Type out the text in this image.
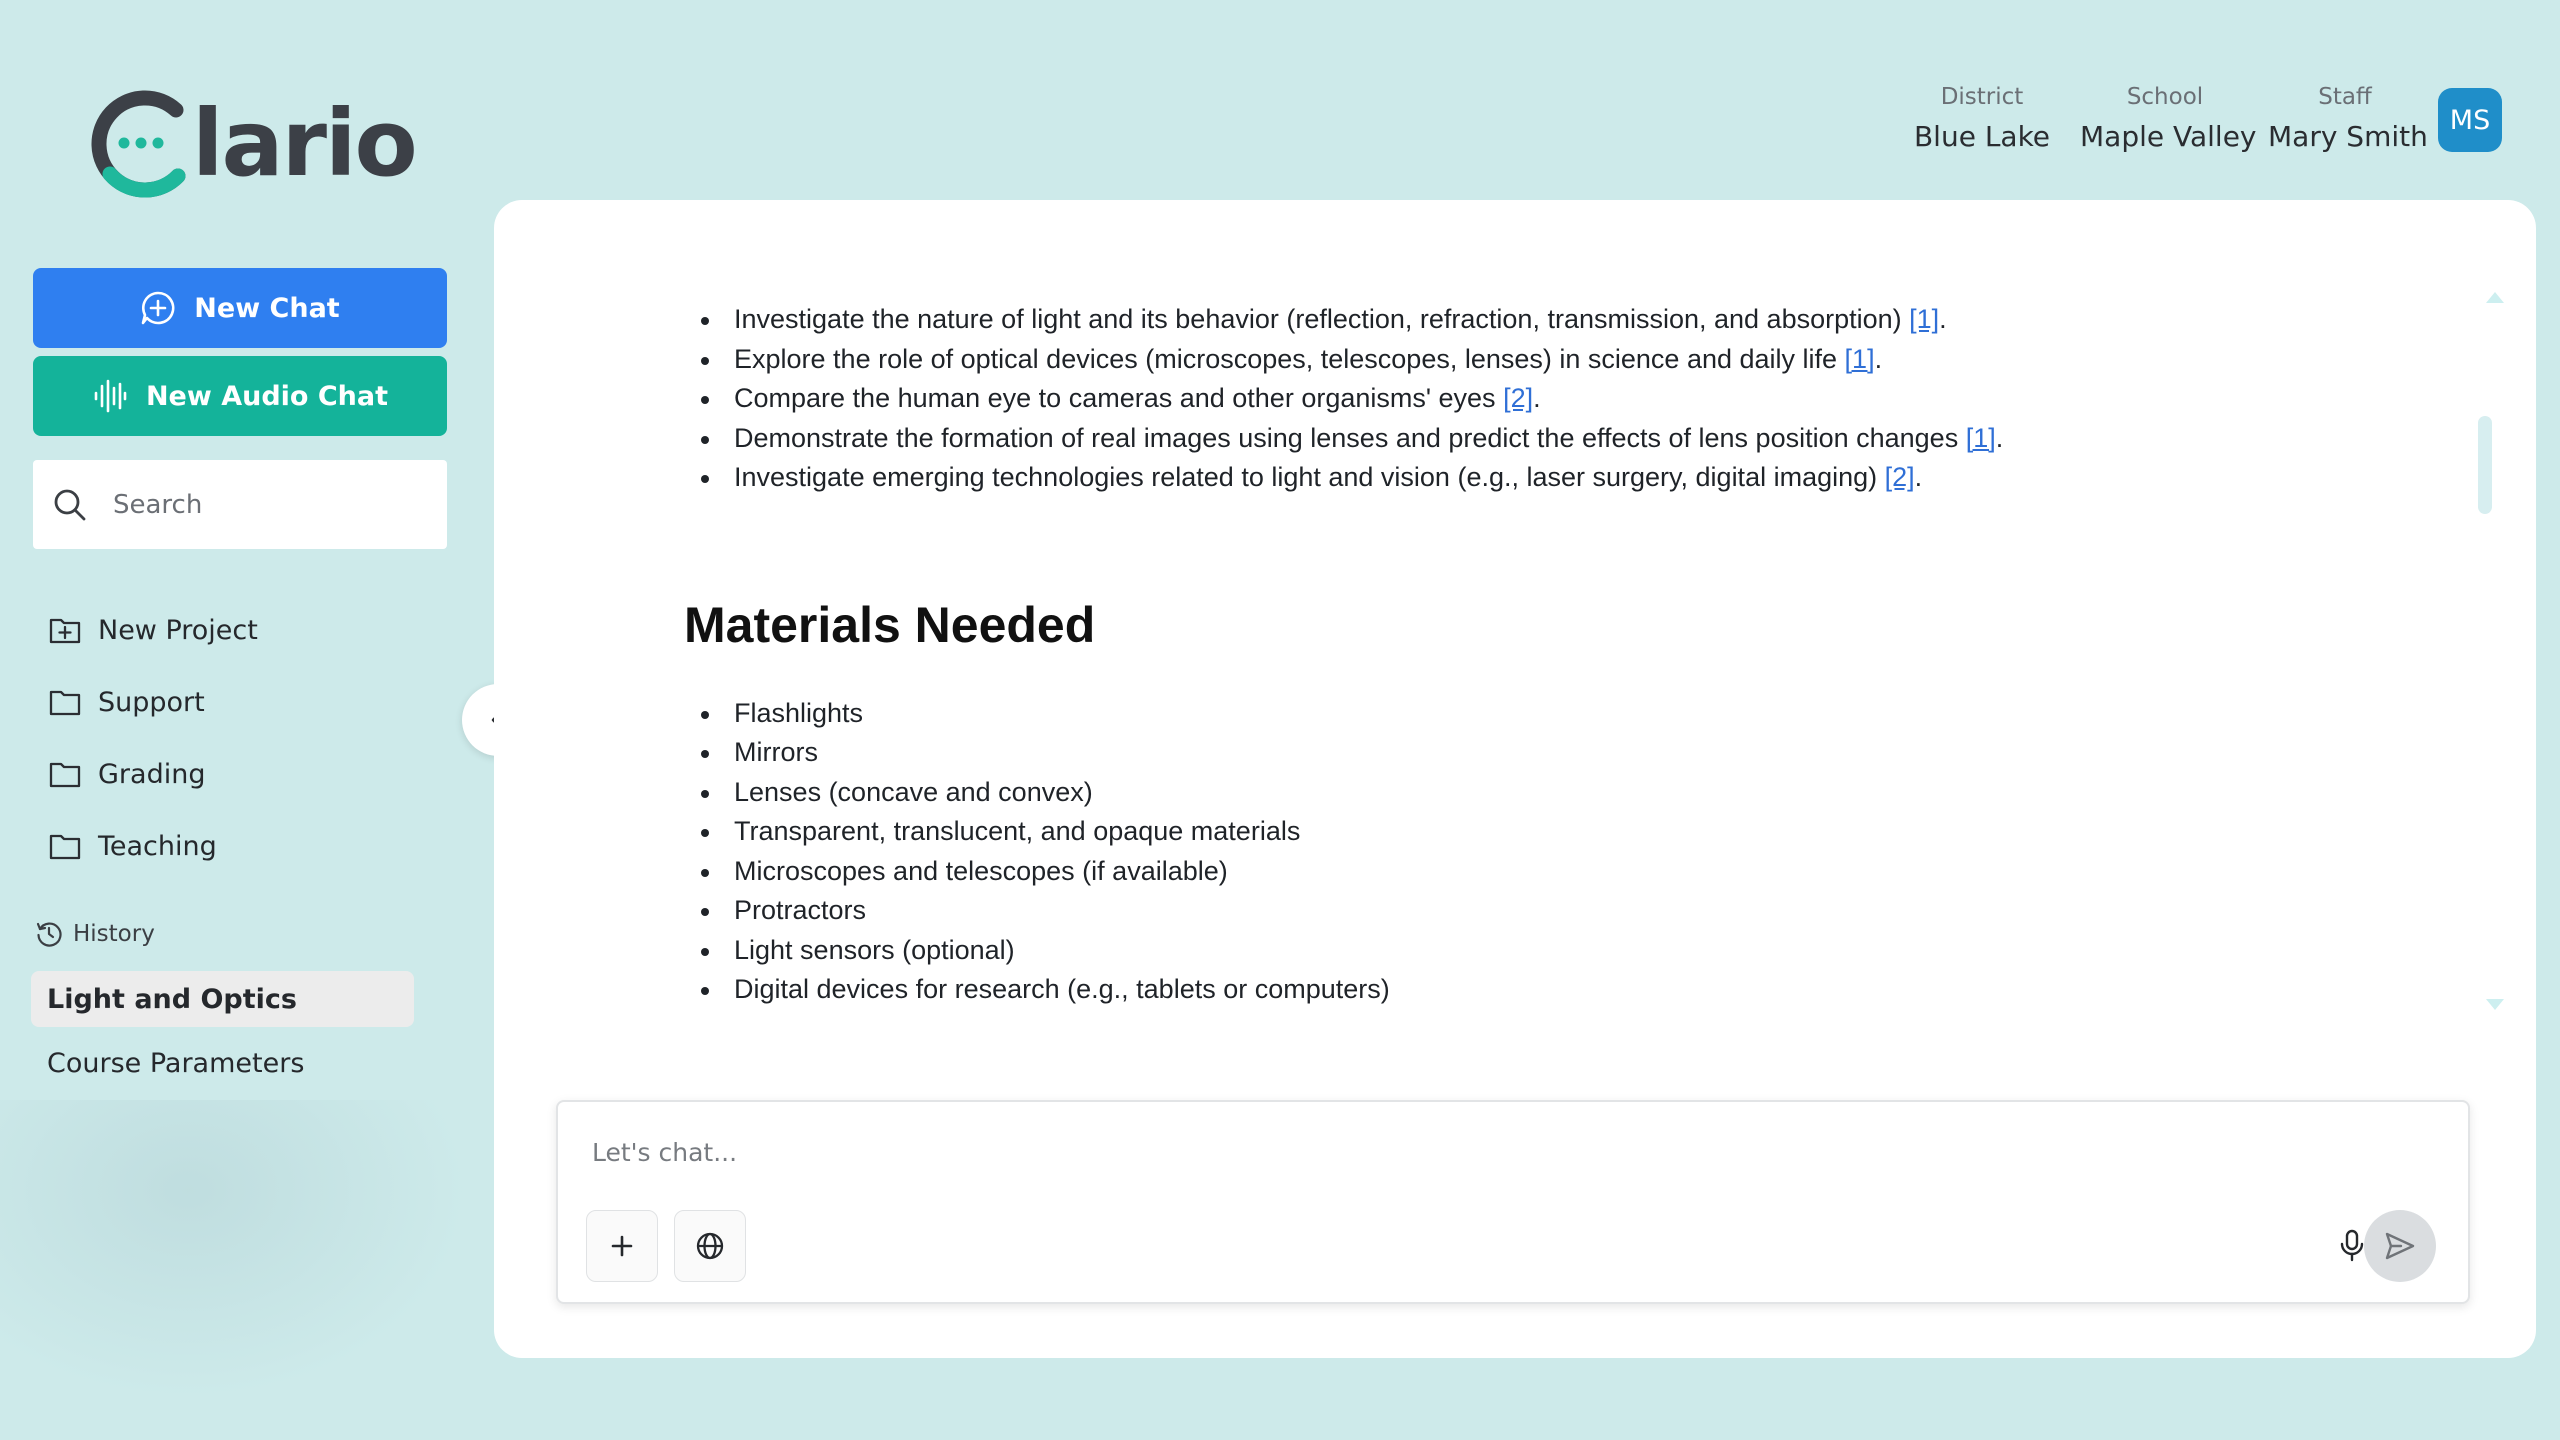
lario
New Chat
New Audio Chat
Search
New Project
Support
Grading
Teaching
History
Light and Optics
Course Parameters
District
Blue Lake
School
Maple Valley
Staff
Mary Smith MS
Investigate the nature of light and its behavior (reflection, refraction, transmission, and absorption) [1].
Explore the role of optical devices (microscopes, telescopes, lenses) in science and daily life [1].
Compare the human eye to cameras and other organisms' eyes [2].
Demonstrate the formation of real images using lenses and predict the effects of lens position changes [1].
Investigate emerging technologies related to light and vision (e.g., laser surgery, digital imaging) [2].
Materials Needed
Flashlights
Mirrors
Lenses (concave and convex)
Transparent, translucent, and opaque materials
Microscopes and telescopes (if available)
Protractors
Light sensors (optional)
Digital devices for research (e.g., tablets or computers)
Let's chat...
